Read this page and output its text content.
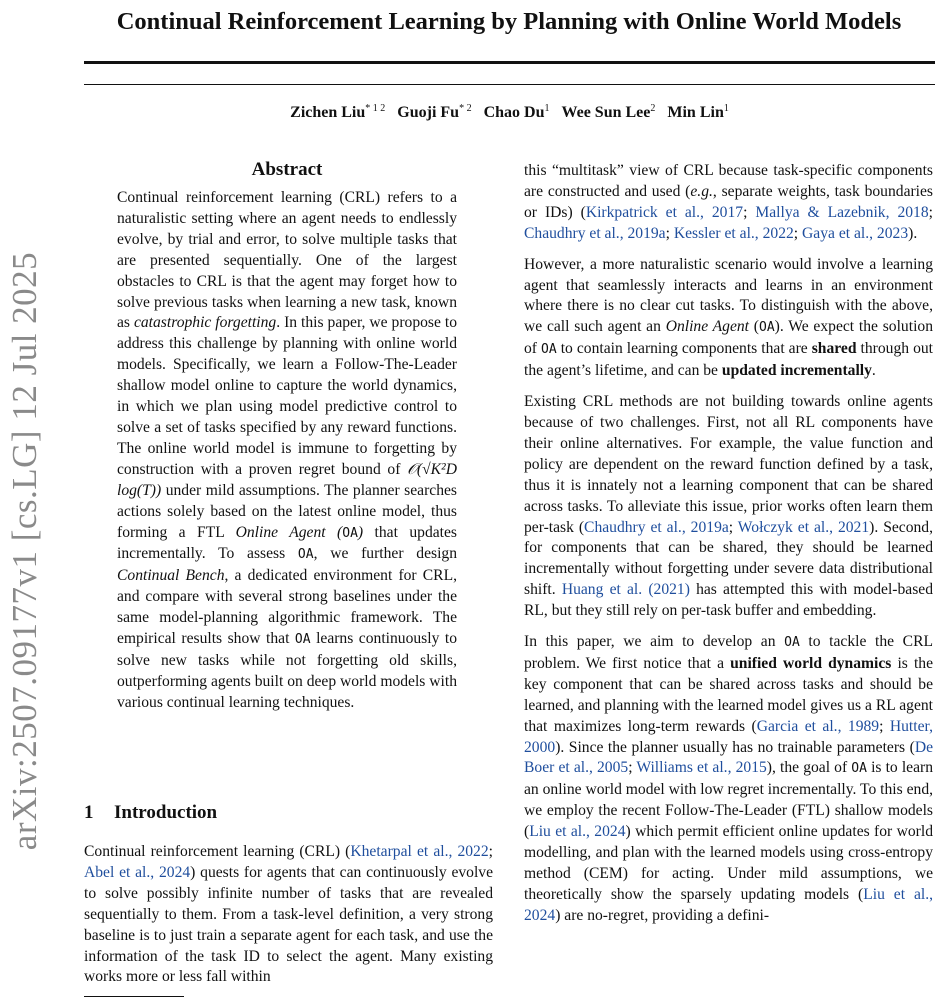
arXiv:2507.09177v1 [cs.LG] 12 Jul 2025
Continual Reinforcement Learning by Planning with Online World Models
Zichen Liu$^{* 1 2}$ Guoji Fu$^{* 2}$ Chao Du$^1$ Wee Sun Lee$^2$ Min Lin$^1$
Abstract
Continual reinforcement learning (CRL) refers to a naturalistic setting where an agent needs to endlessly evolve, by trial and error, to solve multiple tasks that are presented sequentially. One of the largest obstacles to CRL is that the agent may forget how to solve previous tasks when learning a new task, known as catastrophic forgetting. In this paper, we propose to address this challenge by planning with online world models. Specifically, we learn a Follow-The-Leader shallow model online to capture the world dynamics, in which we plan using model predictive control to solve a set of tasks specified by any reward functions. The online world model is immune to forgetting by construction with a proven regret bound of 𝒪(√K²D log(T)) under mild assumptions. The planner searches actions solely based on the latest online model, thus forming a FTL Online Agent (OA) that updates incrementally. To assess OA, we further design Continual Bench, a dedicated environment for CRL, and compare with several strong baselines under the same model-planning algorithmic framework. The empirical results show that OA learns continuously to solve new tasks while not forgetting old skills, outperforming agents built on deep world models with various continual learning techniques.
1 Introduction
Continual reinforcement learning (CRL) (Khetarpal et al., 2022; Abel et al., 2024) quests for agents that can continuously evolve to solve possibly infinite number of tasks that are revealed sequentially to them. From a task-level definition, a very strong baseline is to just train a separate agent for each task, and use the information of the task ID to select the agent. Many existing works more or less fall within

this “multitask” view of CRL because task-specific components are constructed and used (e.g., separate weights, task boundaries or IDs) (Kirkpatrick et al., 2017; Mallya & Lazebnik, 2018; Chaudhry et al., 2019a; Kessler et al., 2022; Gaya et al., 2023).

However, a more naturalistic scenario would involve a learning agent that seamlessly interacts and learns in an environment where there is no clear cut tasks. To distinguish with the above, we call such agent an Online Agent (OA). We expect the solution of OA to contain learning components that are shared through out the agent’s lifetime, and can be updated incrementally.

Existing CRL methods are not building towards online agents because of two challenges. First, not all RL components have their online alternatives. For example, the value function and policy are dependent on the reward function defined by a task, thus it is innately not a learning component that can be shared across tasks. To alleviate this issue, prior works often learn them per-task (Chaudhry et al., 2019a; Wołczyk et al., 2021). Second, for components that can be shared, they should be learned incrementally without forgetting under severe data distributional shift. Huang et al. (2021) has attempted this with model-based RL, but they still rely on per-task buffer and embedding.

In this paper, we aim to develop an OA to tackle the CRL problem. We first notice that a unified world dynamics is the key component that can be shared across tasks and should be learned, and planning with the learned model gives us a RL agent that maximizes long-term rewards (Garcia et al., 1989; Hutter, 2000). Since the planner usually has no trainable parameters (De Boer et al., 2005; Williams et al., 2015), the goal of OA is to learn an online world model with low regret incrementally. To this end, we employ the recent Follow-The-Leader (FTL) shallow models (Liu et al., 2024) which permit efficient online updates for world modelling, and plan with the learned models using cross-entropy method (CEM) for acting. Under mild assumptions, we theoretically show the sparsely updating models (Liu et al., 2024) are no-regret, providing a defini-
